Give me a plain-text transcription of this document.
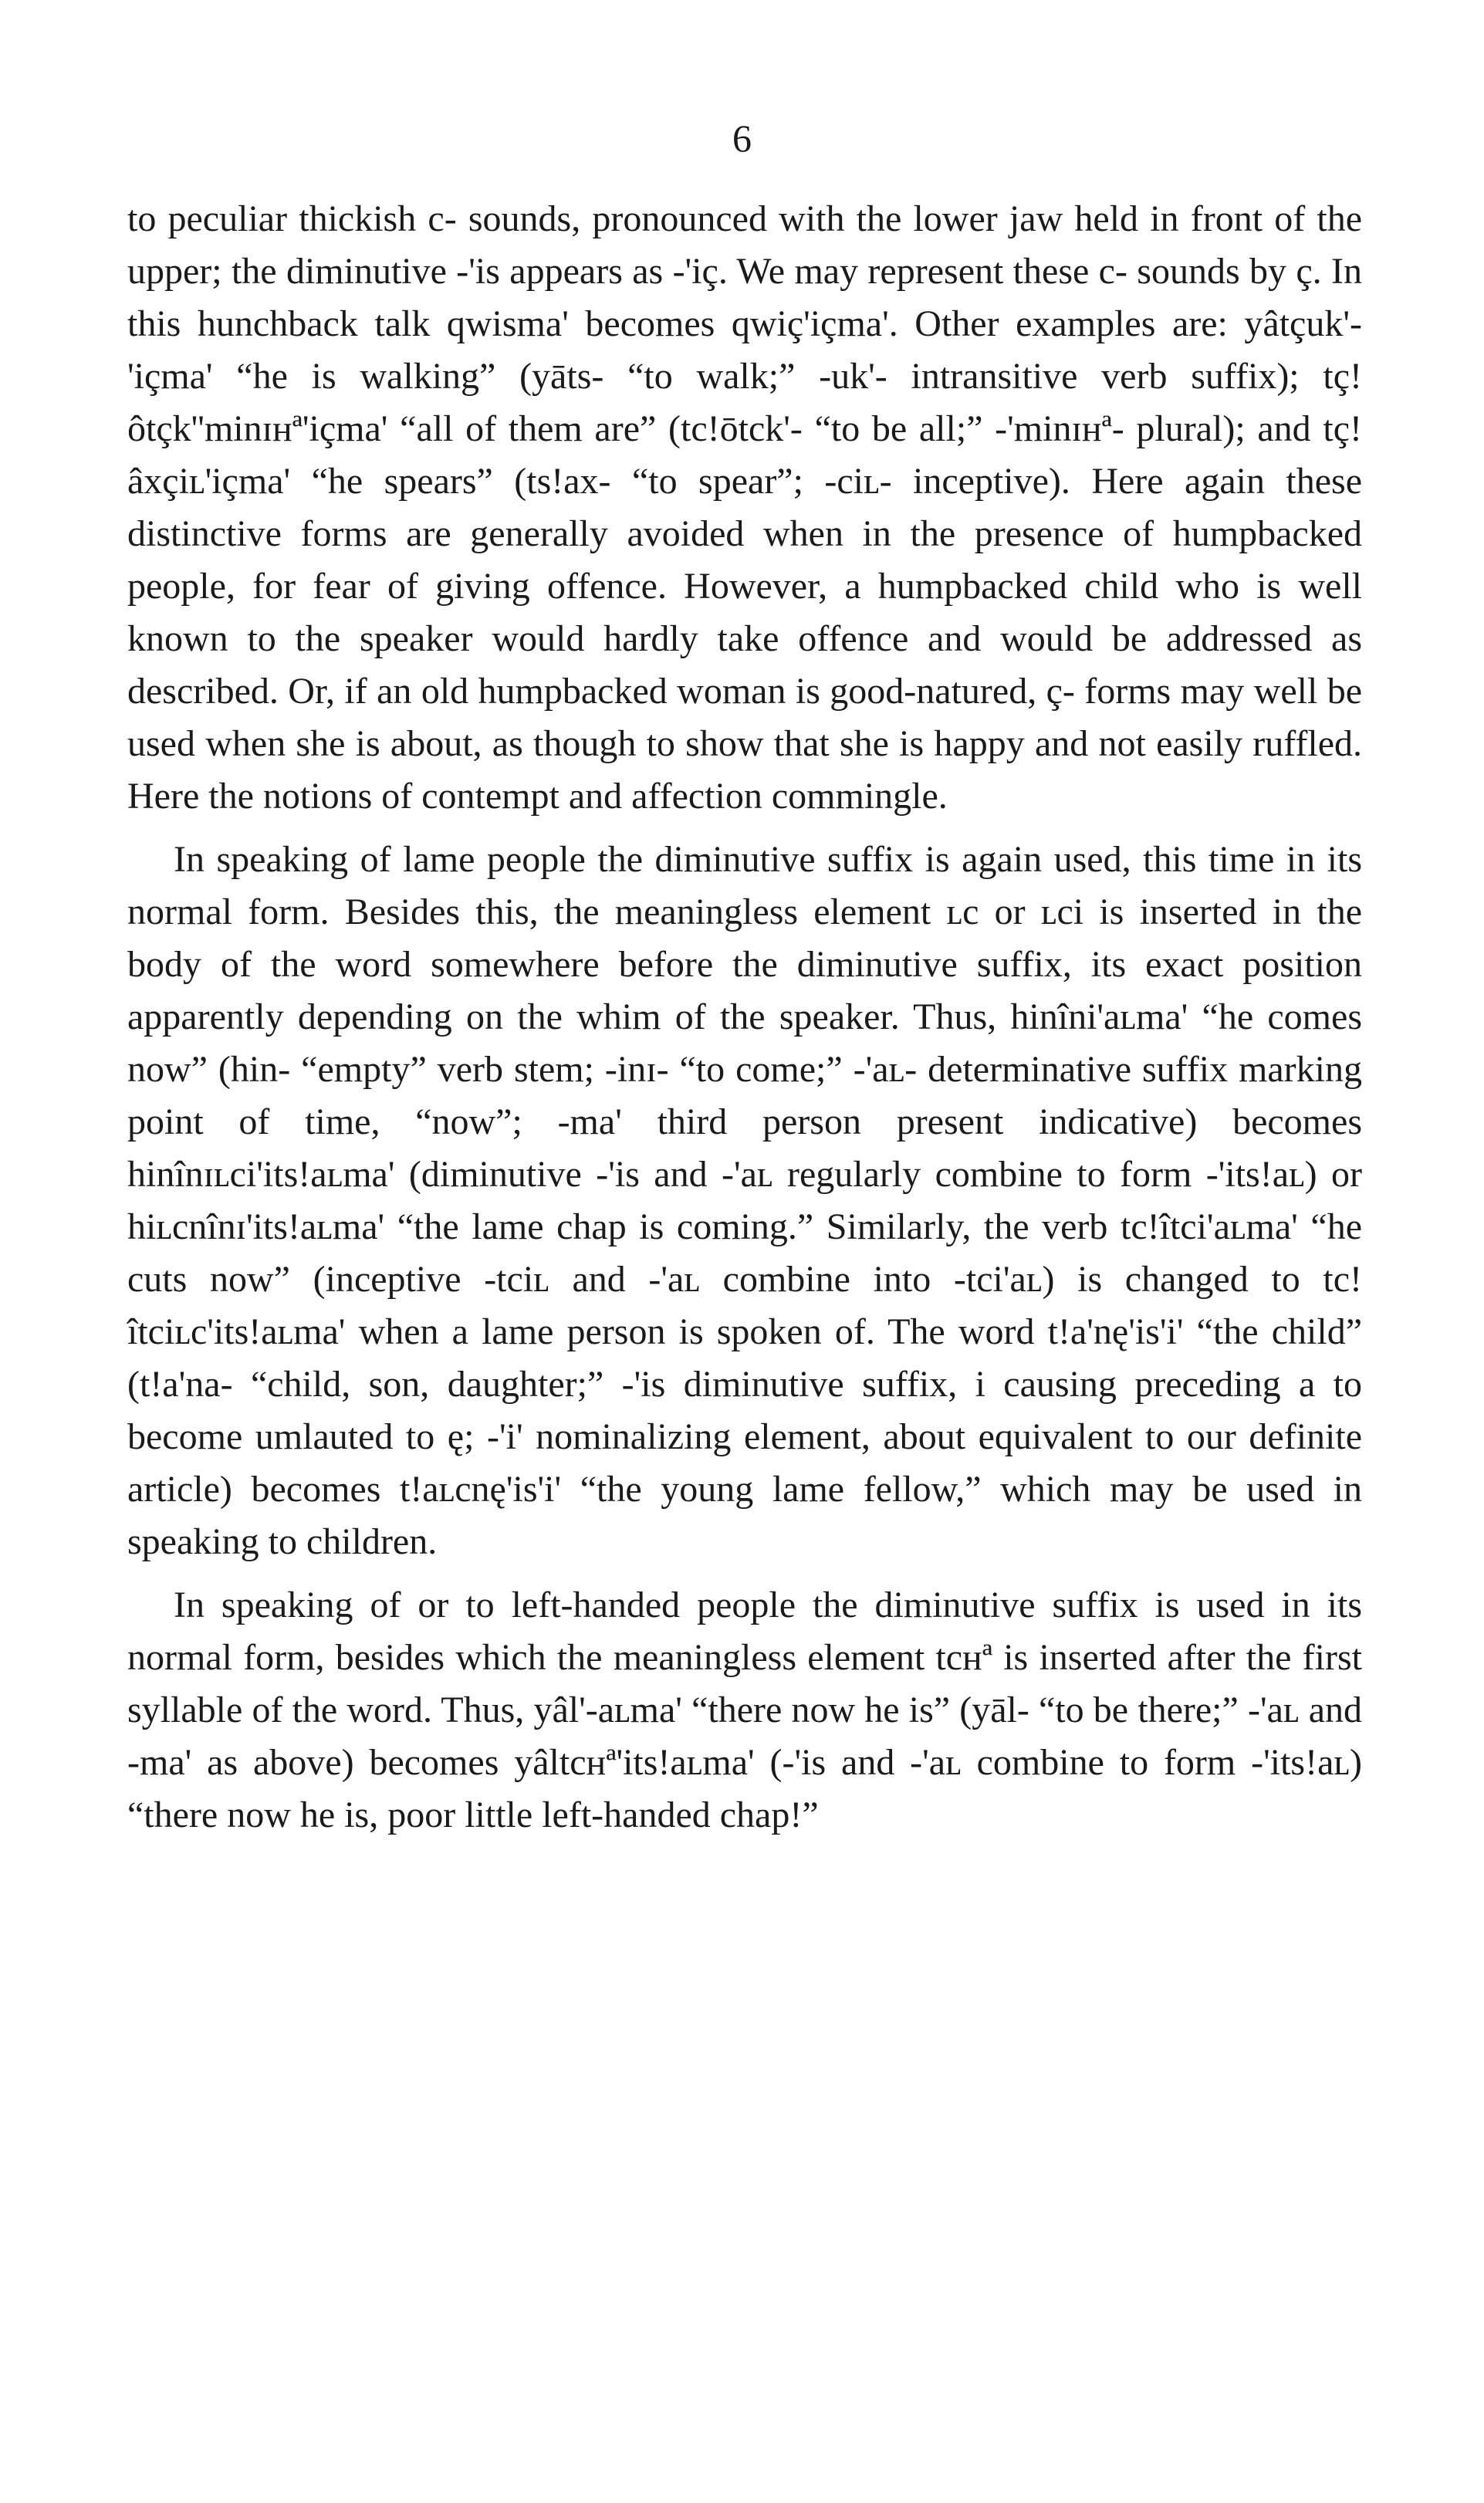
6

to peculiar thickish c- sounds, pronounced with the lower jaw held in front of the upper; the diminutive -'is appears as -'iç. We may represent these c- sounds by ç. In this hunchback talk qwisma' becomes qwiç'içma'. Other examples are: yâtçuk'-'içma' “he is walking” (yāts- “to walk;” -uk'- intransitive verb suffix); tç!ôtçk''minɪнª'içma' “all of them are” (tc!ōtck'- “to be all;” -'minɪнª- plural); and tç!âxçiʟ'içma' “he spears” (ts!ax- “to spear”; -ciʟ- inceptive). Here again these distinctive forms are generally avoided when in the presence of humpbacked people, for fear of giving offence. However, a humpbacked child who is well known to the speaker would hardly take offence and would be addressed as described. Or, if an old humpbacked woman is good-natured, ç- forms may well be used when she is about, as though to show that she is happy and not easily ruffled. Here the notions of contempt and affection commingle.

In speaking of lame people the diminutive suffix is again used, this time in its normal form. Besides this, the meaningless element ʟc or ʟci is inserted in the body of the word somewhere before the diminutive suffix, its exact position apparently depending on the whim of the speaker. Thus, hinîni'aʟma' “he comes now” (hin- “empty” verb stem; -inɪ- “to come;” -'aʟ- determinative suffix marking point of time, “now”; -ma' third person present indicative) becomes hinînɪʟci'its!aʟma' (diminutive -'is and -'aʟ regularly combine to form -'its!aʟ) or hiʟcnînɪ'its!aʟma' “the lame chap is coming.” Similarly, the verb tc!îtci'aʟma' “he cuts now” (inceptive -tciʟ and -'aʟ combine into -tci'aʟ) is changed to tc!îtciʟc'its!aʟma' when a lame person is spoken of. The word t!a'nę'is'i' “the child” (t!a'na- “child, son, daughter;” -'is diminutive suffix, i causing preceding a to become umlauted to ę; -'i' nominalizing element, about equivalent to our definite article) becomes t!aʟcnę'is'i' “the young lame fellow,” which may be used in speaking to children.

In speaking of or to left-handed people the diminutive suffix is used in its normal form, besides which the meaningless element tcнª is inserted after the first syllable of the word. Thus, yâl'-aʟma' “there now he is” (yāl- “to be there;” -'aʟ and -ma' as above) becomes yâltcнª'its!aʟma' (-'is and -'aʟ combine to form -'its!aʟ) “there now he is, poor little left-handed chap!”
